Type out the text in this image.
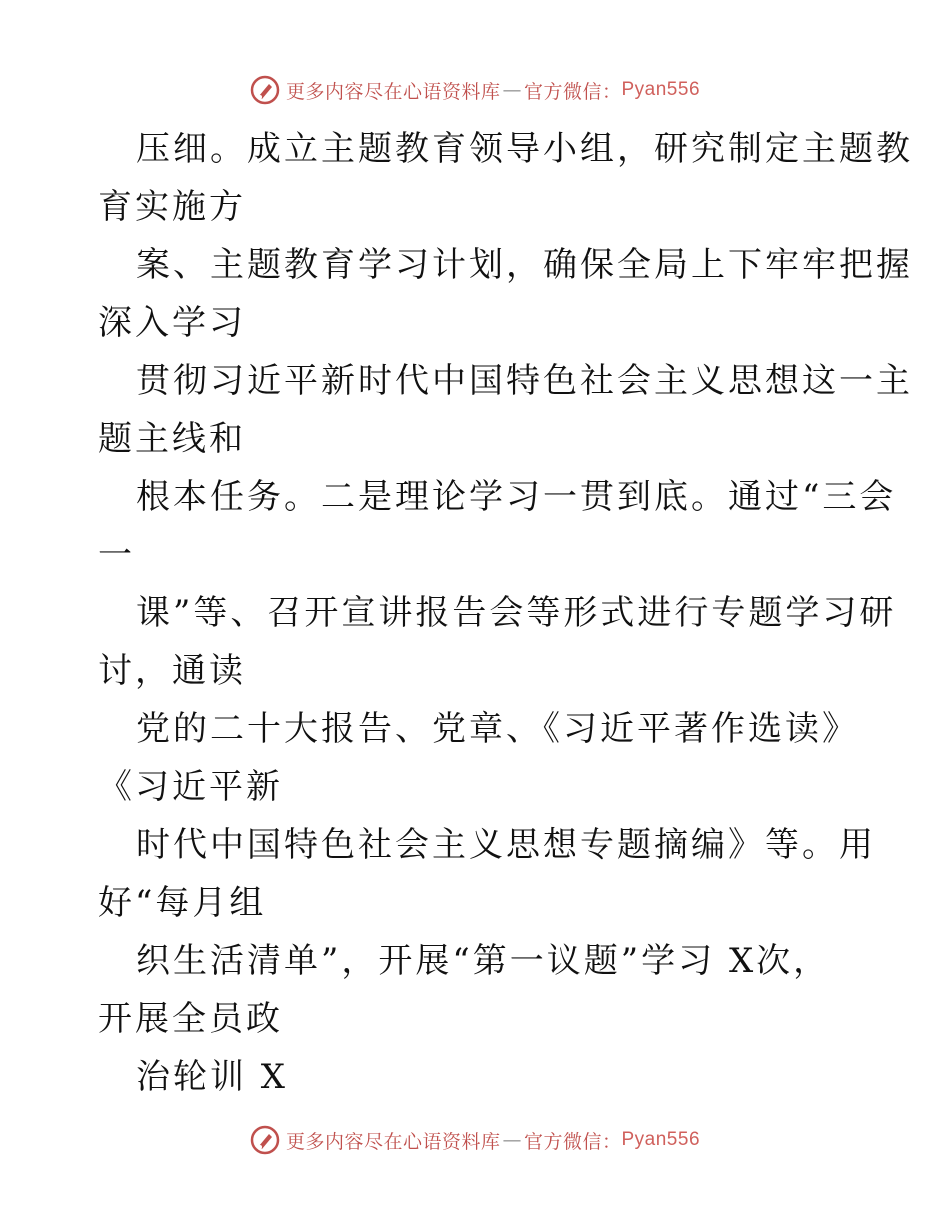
更多内容尽在心语资料库 — 官方微信： Pyan556
压细。成立主题教育领导小组，研究制定主题教
育实施方
案、主题教育学习计划，确保全局上下牢牢把握
深入学习
贯彻习近平新时代中国特色社会主义思想这一主
题主线和
根本任务。二是理论学习一贯到底。通过“三会
一
课”等、召开宣讲报告会等形式进行专题学习研
讨，通读
党的二十大报告、党章、《习近平著作选读》
《习近平新
时代中国特色社会主义思想专题摘编》等。用
好“每月组
织生活清单”，开展“第一议题”学习 X次，
开展全员政
治轮训 X
更多内容尽在心语资料库 — 官方微信： Pyan556
